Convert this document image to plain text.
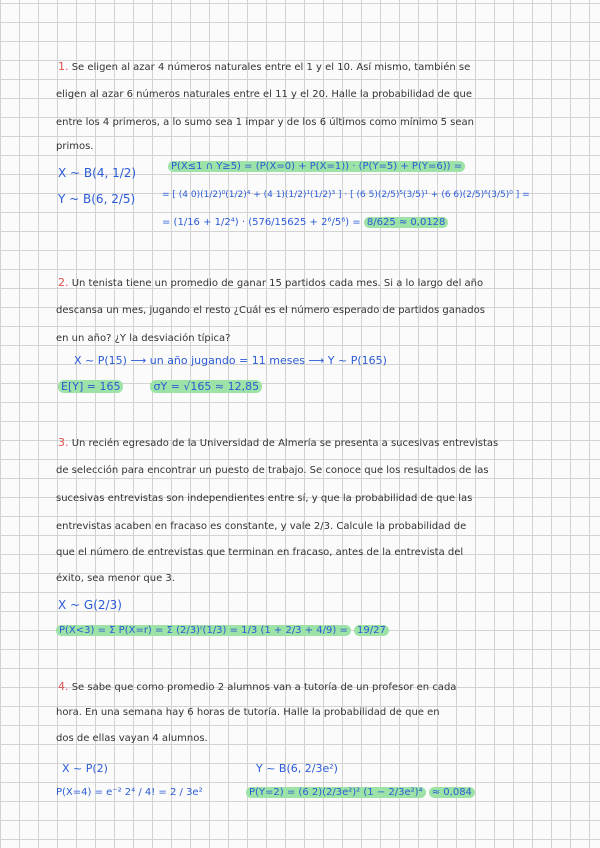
1. Se eligen al azar 4 números naturales entre el 1 y el 10. Así mismo, también se
eligen al azar 6 números naturales entre el 11 y el 20. Halle la probabilidad de que
entre los 4 primeros, a lo sumo sea 1 impar y de los 6 últimos como mínimo 5 sean
primos.
X ~ B(4, 1/2)
Y ~ B(6, 2/5)
P(X≤1 ∩ Y≥5) = (P(X=0) + P(X=1)) · (P(Y=5) + P(Y=6)) =
= [ (4 0)(1/2)⁰(1/2)⁴ + (4 1)(1/2)¹(1/2)³ ] · [ (6 5)(2/5)⁵(3/5)¹ + (6 6)(2/5)⁶(3/5)⁰ ] =
= (1/16 + 1/2⁴) · (576/15625 + 2⁶/5⁶) = 8/625 ≈ 0,0128
2. Un tenista tiene un promedio de ganar 15 partidos cada mes. Si a lo largo del año
descansa un mes, jugando el resto ¿Cuál es el número esperado de partidos ganados
en un año? ¿Y la desviación típica?
X ~ P(15) ⟶ un año jugando = 11 meses ⟶ Y ~ P(165)
E[Y] = 165	σY = √165 ≈ 12,85
3. Un recién egresado de la Universidad de Almería se presenta a sucesivas entrevistas
de selección para encontrar un puesto de trabajo. Se conoce que los resultados de las
sucesivas entrevistas son independientes entre sí, y que la probabilidad de que las
entrevistas acaben en fracaso es constante, y vale 2/3. Calcule la probabilidad de
que el número de entrevistas que terminan en fracaso, antes de la entrevista del
éxito, sea menor que 3.
X ~ G(2/3)
P(X<3) = Σ P(X=r) = Σ (2/3)ʳ(1/3) = 1/3 (1 + 2/3 + 4/9) = 19/27
4. Se sabe que como promedio 2 alumnos van a tutoría de un profesor en cada
hora. En una semana hay 6 horas de tutoría. Halle la probabilidad de que en
dos de ellas vayan 4 alumnos.
X ~ P(2)
P(X=4) = e⁻² 2⁴ / 4! = 2 / 3e²
Y ~ B(6, 2/3e²)
P(Y=2) = (6 2)(2/3e²)² (1 − 2/3e²)⁴ ≈ 0,084
